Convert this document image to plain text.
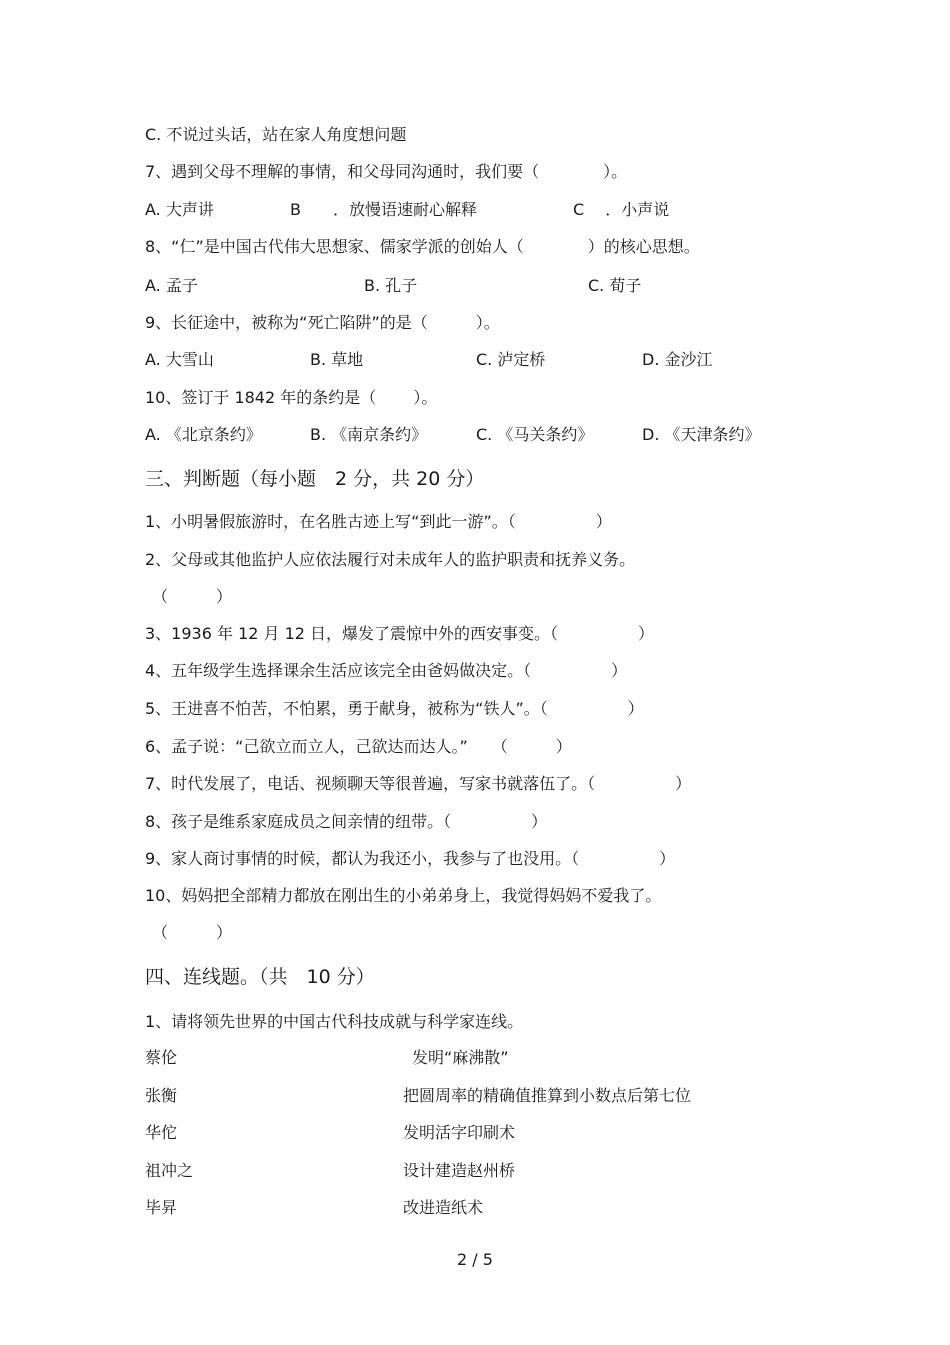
C. 不说过头话，站在家人角度想问题
7、遇到父母不理解的事情，和父母同沟通时，我们要（　　　　）。
A. 大声讲	B　　．放慢语速耐心解释	C　 ．小声说
8、“仁”是中国古代伟大思想家、儒家学派的创始人（　　　　）的核心思想。
A. 孟子	B. 孔子	C. 荀子
9、长征途中，被称为“死亡陷阱”的是（　　　）。
A. 大雪山	B. 草地	C. 泸定桥	D. 金沙江
10、签订于 1842 年的条约是（　　 ）。
A. 《北京条约》	B. 《南京条约》	C. 《马关条约》	D. 《天津条约》
三、判断题（每小题　2 分，共 20 分）
1、小明暑假旅游时，在名胜古迹上写“到此一游”。（　　　　　）
2、父母或其他监护人应依法履行对未成年人的监护职责和抚养义务。
（　　　）
3、1936 年 12 月 12 日，爆发了震惊中外的西安事变。（　　　　　）
4、五年级学生选择课余生活应该完全由爸妈做决定。（　　　　　）
5、王进喜不怕苦，不怕累，勇于献身，被称为“铁人”。（　　　　　）
6、孟子说：“己欲立而立人，己欲达而达人。”　　（　　　）
7、时代发展了，电话、视频聊天等很普遍，写家书就落伍了。（　　　　　）
8、孩子是维系家庭成员之间亲情的纽带。（　　　　　）
9、家人商讨事情的时候，都认为我还小，我参与了也没用。（　　　　　）
10、妈妈把全部精力都放在刚出生的小弟弟身上，我觉得妈妈不爱我了。
（　　　）
四、连线题。（共　10 分）
1、请将领先世界的中国古代科技成就与科学家连线。
蔡伦	发明“麻沸散”
张衡	把圆周率的精确值推算到小数点后第七位
华佗	发明活字印刷术
祖冲之	设计建造赵州桥
毕昇	改进造纸术
2 / 5
